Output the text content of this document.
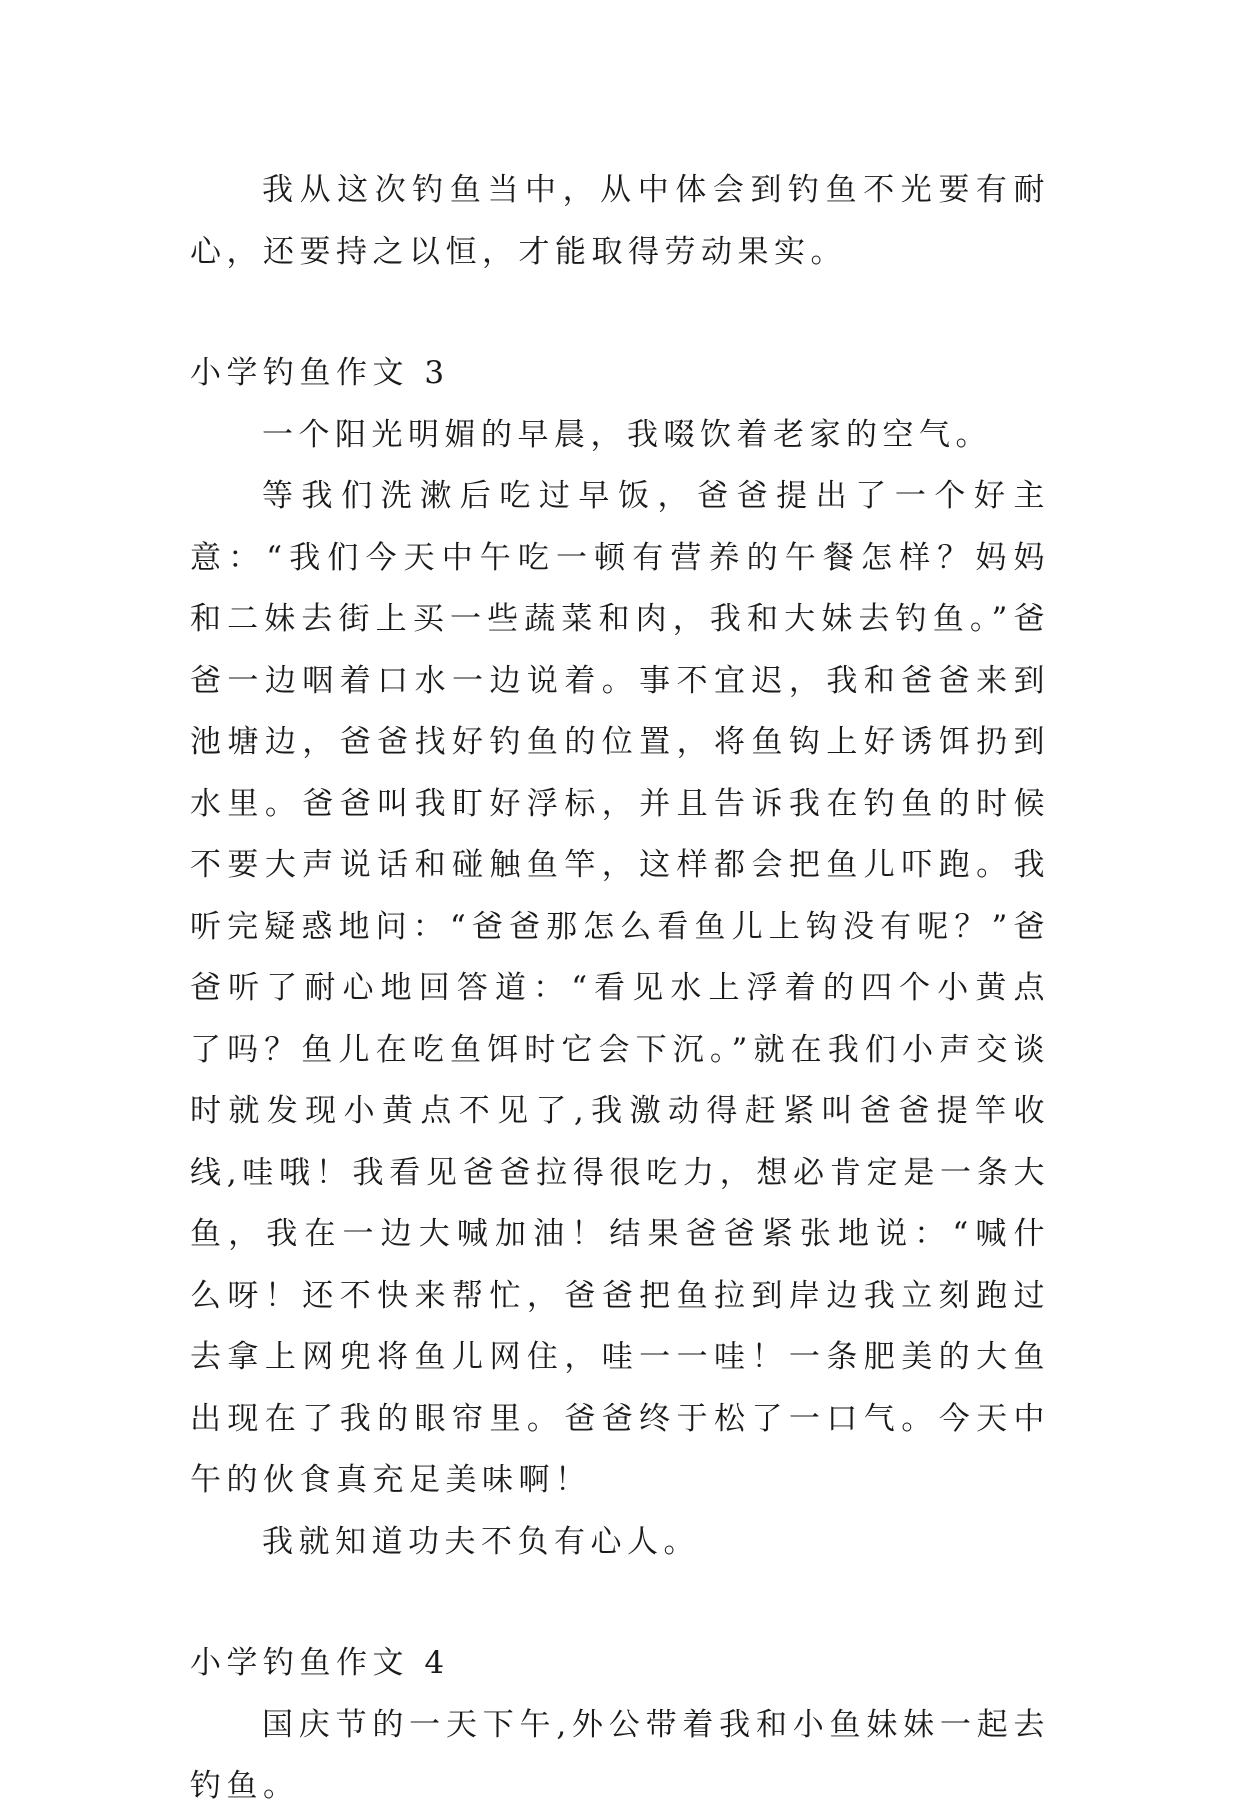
我从这次钓鱼当中，从中体会到钓鱼不光要有耐心，还要持之以恒，才能取得劳动果实。

小学钓鱼作文 3

一个阳光明媚的早晨，我啜饮着老家的空气。

等我们洗漱后吃过早饭，爸爸提出了一个好主意：“我们今天中午吃一顿有营养的午餐怎样？妈妈和二妹去街上买一些蔬菜和肉，我和大妹去钓鱼。”爸爸一边咽着口水一边说着。事不宜迟，我和爸爸来到池塘边，爸爸找好钓鱼的位置，将鱼钩上好诱饵扔到水里。爸爸叫我盯好浮标，并且告诉我在钓鱼的时候不要大声说话和碰触鱼竿，这样都会把鱼儿吓跑。我听完疑惑地问：“爸爸那怎么看鱼儿上钩没有呢？”爸爸听了耐心地回答道：“看见水上浮着的四个小黄点了吗？鱼儿在吃鱼饵时它会下沉。”就在我们小声交谈时就发现小黄点不见了,我激动得赶紧叫爸爸提竿收线,哇哦！我看见爸爸拉得很吃力，想必肯定是一条大鱼，我在一边大喊加油！结果爸爸紧张地说：“喊什么呀！还不快来帮忙，爸爸把鱼拉到岸边我立刻跑过去拿上网兜将鱼儿网住，哇一一哇！一条肥美的大鱼出现在了我的眼帘里。爸爸终于松了一口气。今天中午的伙食真充足美味啊！

我就知道功夫不负有心人。

小学钓鱼作文 4

国庆节的一天下午,外公带着我和小鱼妹妹一起去钓鱼。
